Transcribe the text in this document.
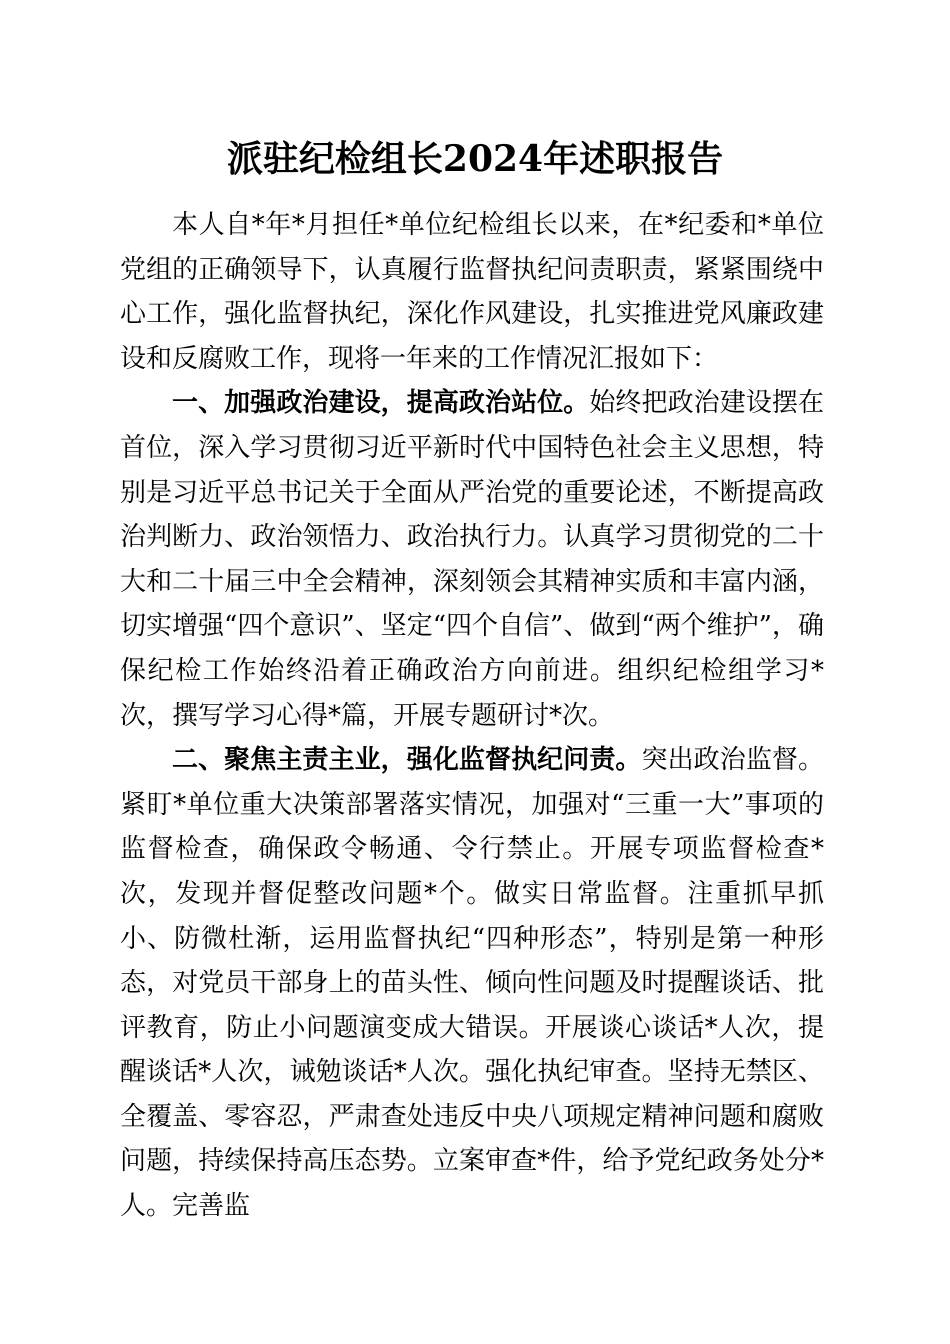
派驻纪检组长2024年述职报告

本人自*年*月担任*单位纪检组长以来，在*纪委和*单位党组的正确领导下，认真履行监督执纪问责职责，紧紧围绕中心工作，强化监督执纪，深化作风建设，扎实推进党风廉政建设和反腐败工作，现将一年来的工作情况汇报如下：

一、加强政治建设，提高政治站位。始终把政治建设摆在首位，深入学习贯彻习近平新时代中国特色社会主义思想，特别是习近平总书记关于全面从严治党的重要论述，不断提高政治判断力、政治领悟力、政治执行力。认真学习贯彻党的二十大和二十届三中全会精神，深刻领会其精神实质和丰富内涵，切实增强“四个意识”、坚定“四个自信”、做到“两个维护”，确保纪检工作始终沿着正确政治方向前进。组织纪检组学习*次，撰写学习心得*篇，开展专题研讨*次。

二、聚焦主责主业，强化监督执纪问责。突出政治监督。紧盯*单位重大决策部署落实情况，加强对“三重一大”事项的监督检查，确保政令畅通、令行禁止。开展专项监督检查*次，发现并督促整改问题*个。做实日常监督。注重抓早抓小、防微杜渐，运用监督执纪“四种形态”，特别是第一种形态，对党员干部身上的苗头性、倾向性问题及时提醒谈话、批评教育，防止小问题演变成大错误。开展谈心谈话*人次，提醒谈话*人次，诫勉谈话*人次。强化执纪审查。坚持无禁区、全覆盖、零容忍，严肃查处违反中央八项规定精神问题和腐败问题，持续保持高压态势。立案审查*件，给予党纪政务处分*人。完善监
